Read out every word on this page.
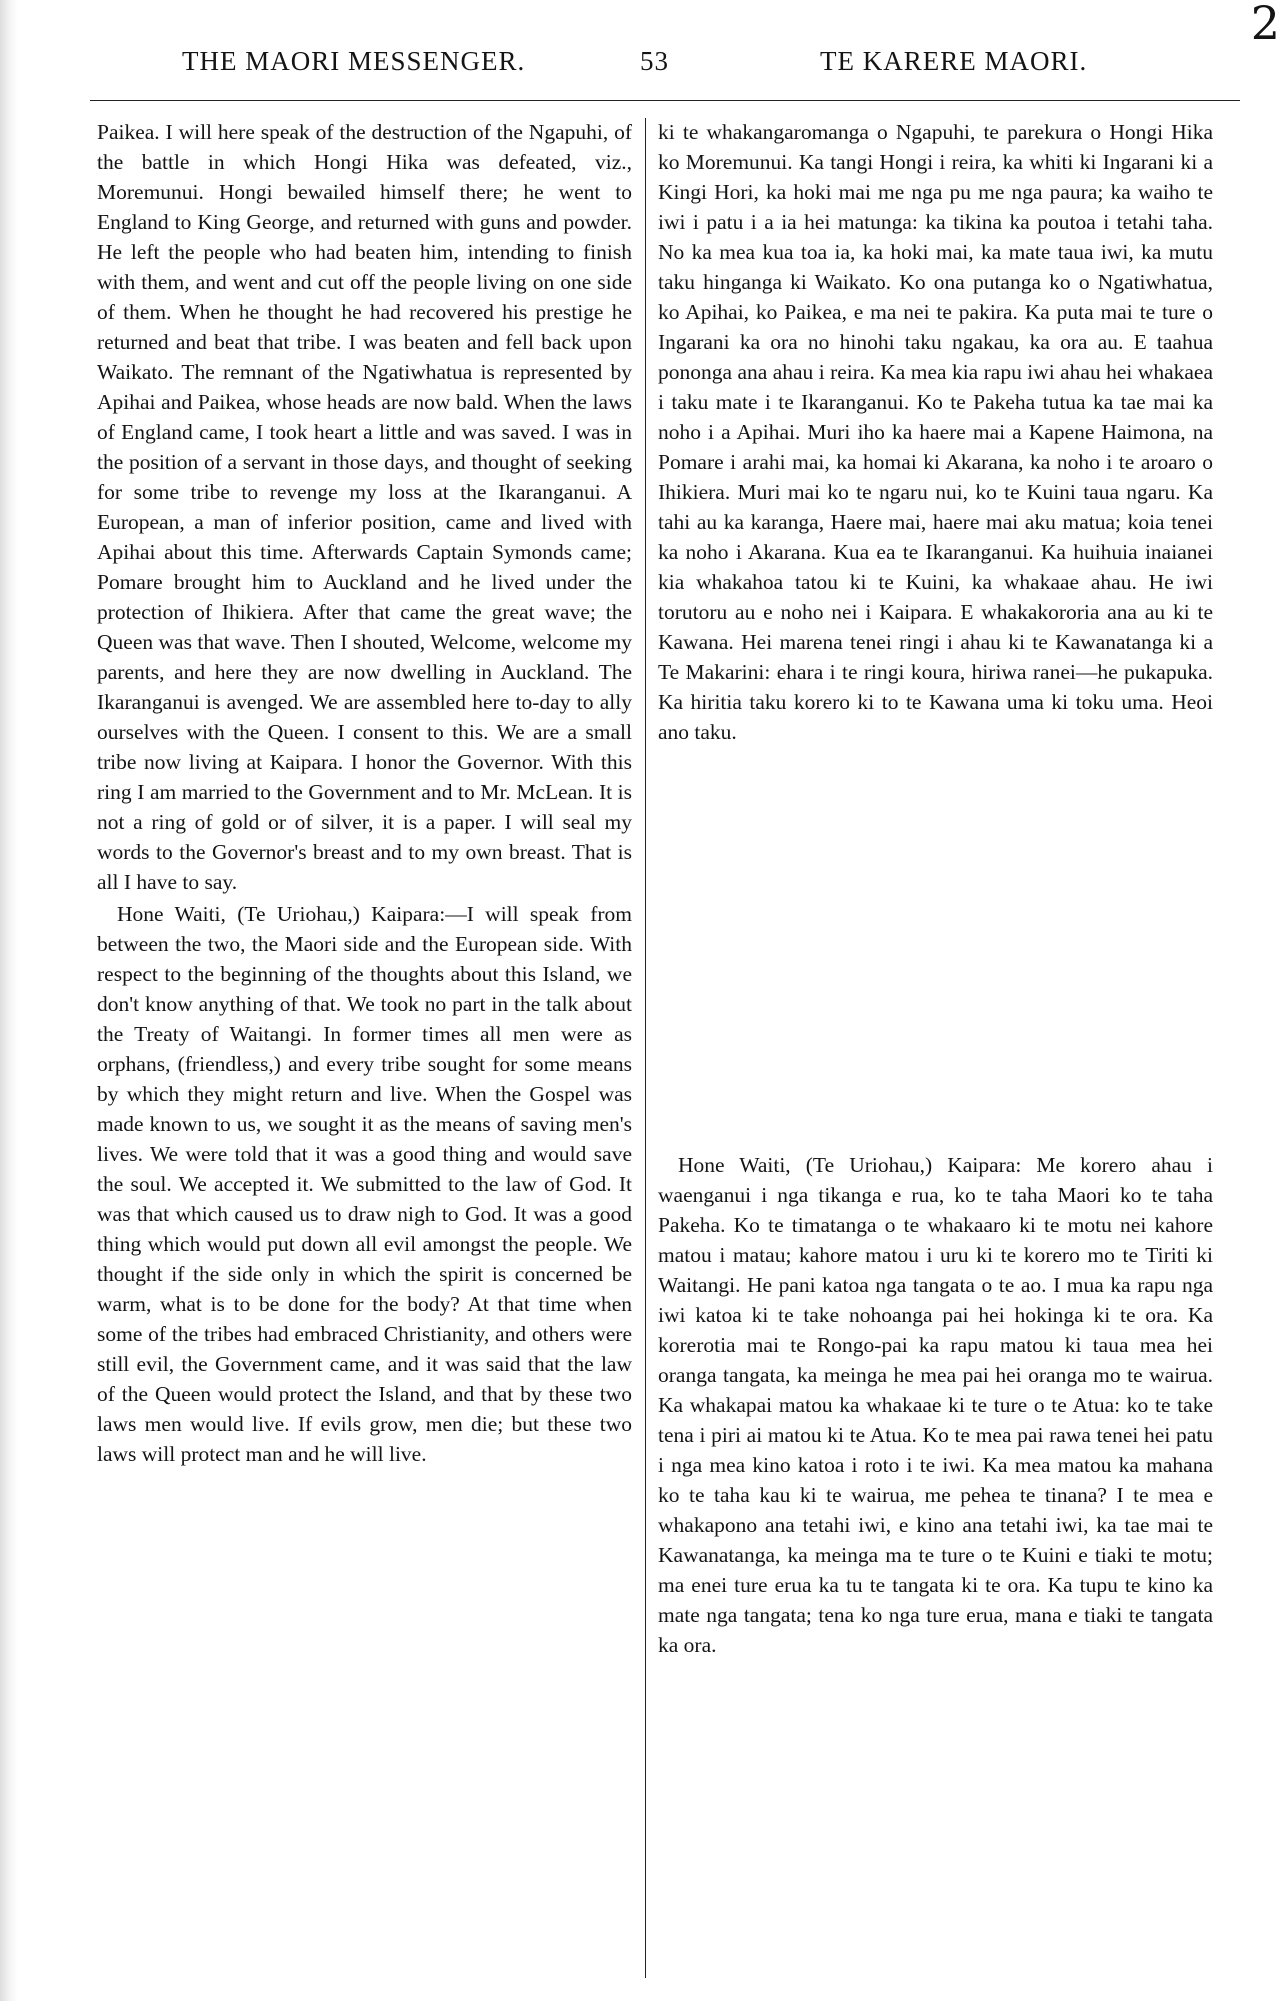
2
THE MAORI MESSENGER.	53	TE KARERE MAORI.

Paikea. I will here speak of the destruction of the Ngapuhi, of the battle in which Hongi Hika was defeated, viz., Moremunui. Hongi bewailed himself there; he went to England to King George, and returned with guns and powder. He left the people who had beaten him, intending to finish with them, and went and cut off the people living on one side of them. When he thought he had recovered his prestige he returned and beat that tribe. I was beaten and fell back upon Waikato. The remnant of the Ngatiwhatua is represented by Apihai and Paikea, whose heads are now bald. When the laws of England came, I took heart a little and was saved. I was in the position of a servant in those days, and thought of seeking for some tribe to revenge my loss at the Ikaranganui. A European, a man of inferior position, came and lived with Apihai about this time. Afterwards Captain Symonds came; Pomare brought him to Auckland and he lived under the protection of Ihikiera. After that came the great wave; the Queen was that wave. Then I shouted, Welcome, welcome my parents, and here they are now dwelling in Auckland. The Ikaranganui is avenged. We are assembled here to-day to ally ourselves with the Queen. I consent to this. We are a small tribe now living at Kaipara. I honor the Governor. With this ring I am married to the Government and to Mr. McLean. It is not a ring of gold or of silver, it is a paper. I will seal my words to the Governor's breast and to my own breast. That is all I have to say.

Hone Waiti, (Te Uriohau,) Kaipara:—I will speak from between the two, the Maori side and the European side. With respect to the beginning of the thoughts about this Island, we don't know anything of that. We took no part in the talk about the Treaty of Waitangi. In former times all men were as orphans, (friendless,) and every tribe sought for some means by which they might return and live. When the Gospel was made known to us, we sought it as the means of saving men's lives. We were told that it was a good thing and would save the soul. We accepted it. We submitted to the law of God. It was that which caused us to draw nigh to God. It was a good thing which would put down all evil amongst the people. We thought if the side only in which the spirit is concerned be warm, what is to be done for the body? At that time when some of the tribes had embraced Christianity, and others were still evil, the Government came, and it was said that the law of the Queen would protect the Island, and that by these two laws men would live. If evils grow, men die; but these two laws will protect man and he will live.

ki te whakangaromanga o Ngapuhi, te parekura o Hongi Hika ko Moremunui. Ka tangi Hongi i reira, ka whiti ki Ingarani ki a Kingi Hori, ka hoki mai me nga pu me nga paura; ka waiho te iwi i patu i a ia hei matunga: ka tikina ka poutoa i tetahi taha. No ka mea kua toa ia, ka hoki mai, ka mate taua iwi, ka mutu taku hinganga ki Waikato. Ko ona putanga ko o Ngatiwhatua, ko Apihai, ko Paikea, e ma nei te pakira. Ka puta mai te ture o Ingarani ka ora no hinohi taku ngakau, ka ora au. E taahua pononga ana ahau i reira. Ka mea kia rapu iwi ahau hei whakaea i taku mate i te Ikaranganui. Ko te Pakeha tutua ka tae mai ka noho i a Apihai. Muri iho ka haere mai a Kapene Haimona, na Pomare i arahi mai, ka homai ki Akarana, ka noho i te aroaro o Ihikiera. Muri mai ko te ngaru nui, ko te Kuini taua ngaru. Ka tahi au ka karanga, Haere mai, haere mai aku matua; koia tenei ka noho i Akarana. Kua ea te Ikaranganui. Ka huihuia inaianei kia whakahoa tatou ki te Kuini, ka whakaae ahau. He iwi torutoru au e noho nei i Kaipara. E whakakororia ana au ki te Kawana. Hei marena tenei ringi i ahau ki te Kawanatanga ki a Te Makarini: ehara i te ringi koura, hiriwa ranei—he pukapuka. Ka hiritia taku korero ki to te Kawana uma ki toku uma. Heoi ano taku.

Hone Waiti, (Te Uriohau,) Kaipara: Me korero ahau i waenganui i nga tikanga e rua, ko te taha Maori ko te taha Pakeha. Ko te timatanga o te whakaaro ki te motu nei kahore matou i matau; kahore matou i uru ki te korero mo te Tiriti ki Waitangi. He pani katoa nga tangata o te ao. I mua ka rapu nga iwi katoa ki te take nohoanga pai hei hokinga ki te ora. Ka korerotia mai te Rongo-pai ka rapu matou ki taua mea hei oranga tangata, ka meinga he mea pai hei oranga mo te wairua. Ka whakapai matou ka whakaae ki te ture o te Atua: ko te take tena i piri ai matou ki te Atua. Ko te mea pai rawa tenei hei patu i nga mea kino katoa i roto i te iwi. Ka mea matou ka mahana ko te taha kau ki te wairua, me pehea te tinana? I te mea e whakapono ana tetahi iwi, e kino ana tetahi iwi, ka tae mai te Kawanatanga, ka meinga ma te ture o te Kuini e tiaki te motu; ma enei ture erua ka tu te tangata ki te ora. Ka tupu te kino ka mate nga tangata; tena ko nga ture erua, mana e tiaki te tangata ka ora.
